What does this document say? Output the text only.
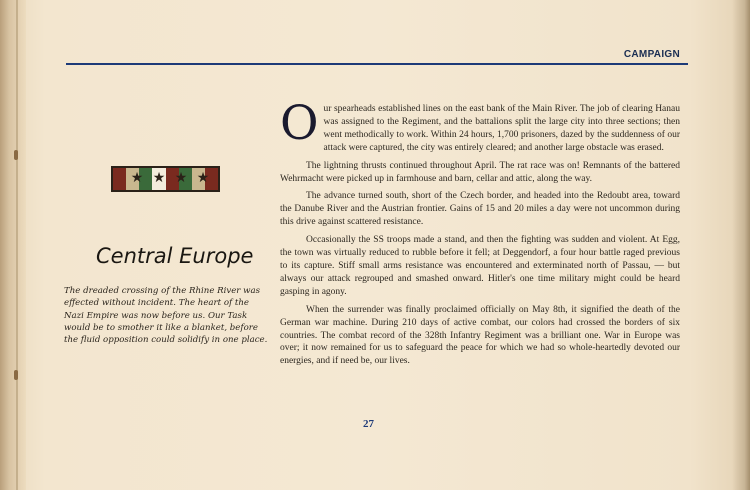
CAMPAIGN
★ ★ ★ ★
Central Europe
The dreaded crossing of the Rhine River was effected without incident. The heart of the Nazi Empire was now before us. Our Task would be to smother it like a blanket, before the fluid opposition could solidify in one place.

Our spearheads established lines on the east bank of the Main River. The job of clearing Hanau was assigned to the Regiment, and the battalions split the large city into three sections; then went methodically to work. Within 24 hours, 1,700 prisoners, dazed by the suddenness of our attack were captured, the city was entirely cleared; and another large obstacle was erased.

The lightning thrusts continued throughout April. The rat race was on! Remnants of the battered Wehrmacht were picked up in farmhouse and barn, cellar and attic, along the way.

The advance turned south, short of the Czech border, and headed into the Redoubt area, toward the Danube River and the Austrian frontier. Gains of 15 and 20 miles a day were not uncommon during this drive against scattered resistance.

Occasionally the SS troops made a stand, and then the fighting was sudden and violent. At Egg, the town was virtually reduced to rubble before it fell; at Deggendorf, a four hour battle raged previous to its capture. Stiff small arms resistance was encountered and exterminated north of Passau, — but always our attack regrouped and smashed onward. Hitler's one time military might could be heard gasping in agony.

When the surrender was finally proclaimed officially on May 8th, it signified the death of the German war machine. During 210 days of active combat, our colors had crossed the borders of six countries. The combat record of the 328th Infantry Regiment was a brilliant one. War in Europe was over; it now remained for us to safeguard the peace for which we had so whole-heartedly devoted our energies, and if need be, our lives.

27
